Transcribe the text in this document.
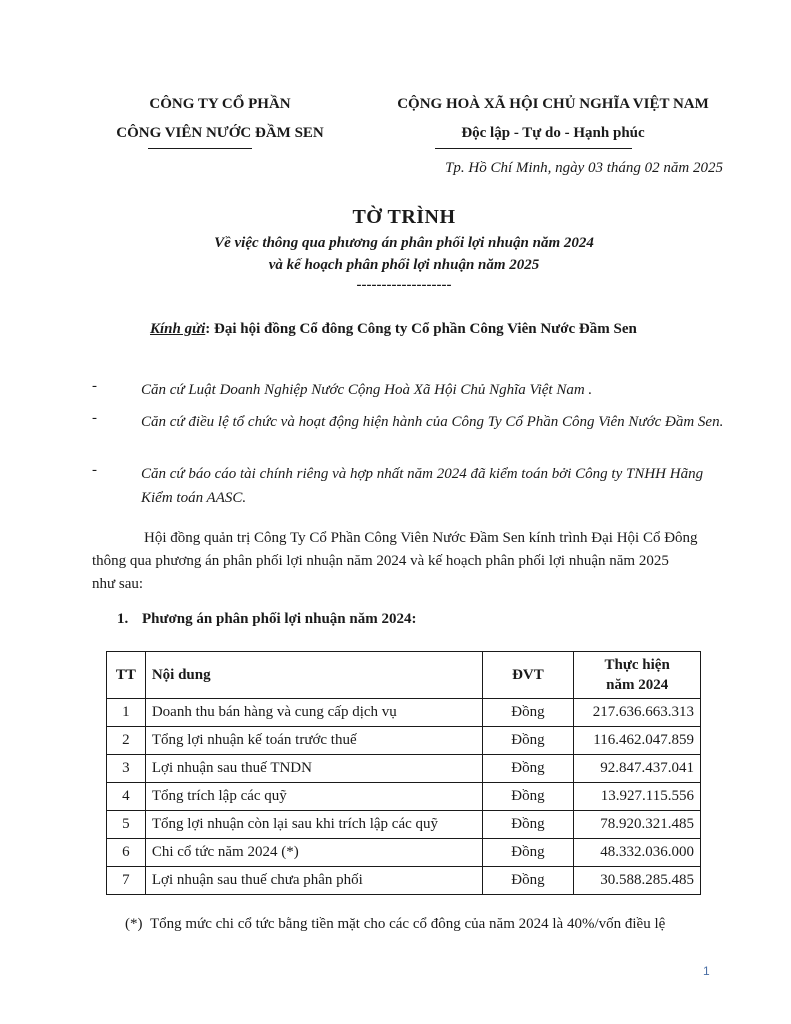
CÔNG TY CỔ PHẦN
CÔNG VIÊN NƯỚC ĐẦM SEN
CỘNG HOÀ XÃ HỘI CHỦ NGHĨA VIỆT NAM
Độc lập - Tự do - Hạnh phúc
Tp. Hồ Chí Minh, ngày 03 tháng 02 năm 2025
TỜ TRÌNH
Về việc thông qua phương án phân phối lợi nhuận năm 2024
và kế hoạch phân phối lợi nhuận năm 2025
-------------------
Kính gửi: Đại hội đồng Cổ đông Công ty Cổ phần Công Viên Nước Đầm Sen
-	Căn cứ Luật Doanh Nghiệp Nước Cộng Hoà Xã Hội Chủ Nghĩa Việt Nam .
-	Căn cứ điều lệ tổ chức và hoạt động hiện hành của Công Ty Cổ Phần Công Viên Nước Đầm Sen.
-	Căn cứ báo cáo tài chính riêng và hợp nhất năm 2024 đã kiểm toán bởi Công ty TNHH Hãng Kiểm toán AASC.
Hội đồng quản trị Công Ty Cổ Phần Công Viên Nước Đầm Sen kính trình Đại Hội Cổ Đông
thông qua phương án phân phối lợi nhuận năm 2024 và kế hoạch phân phối lợi nhuận năm 2025
như sau:
1. Phương án phân phối lợi nhuận năm 2024:
TT	Nội dung	ĐVT	Thực hiện
năm 2024
1	Doanh thu bán hàng và cung cấp dịch vụ	Đồng	217.636.663.313
2	Tổng lợi nhuận kế toán trước thuế	Đồng	116.462.047.859
3	Lợi nhuận sau thuế TNDN	Đồng	92.847.437.041
4	Tổng trích lập các quỹ	Đồng	13.927.115.556
5	Tổng lợi nhuận còn lại sau khi trích lập các quỹ	Đồng	78.920.321.485
6	Chi cổ tức năm 2024 (*)	Đồng	48.332.036.000
7	Lợi nhuận sau thuế chưa phân phối	Đồng	30.588.285.485
(*) Tổng mức chi cổ tức bằng tiền mặt cho các cổ đông của năm 2024 là 40%/vốn điều lệ
1
